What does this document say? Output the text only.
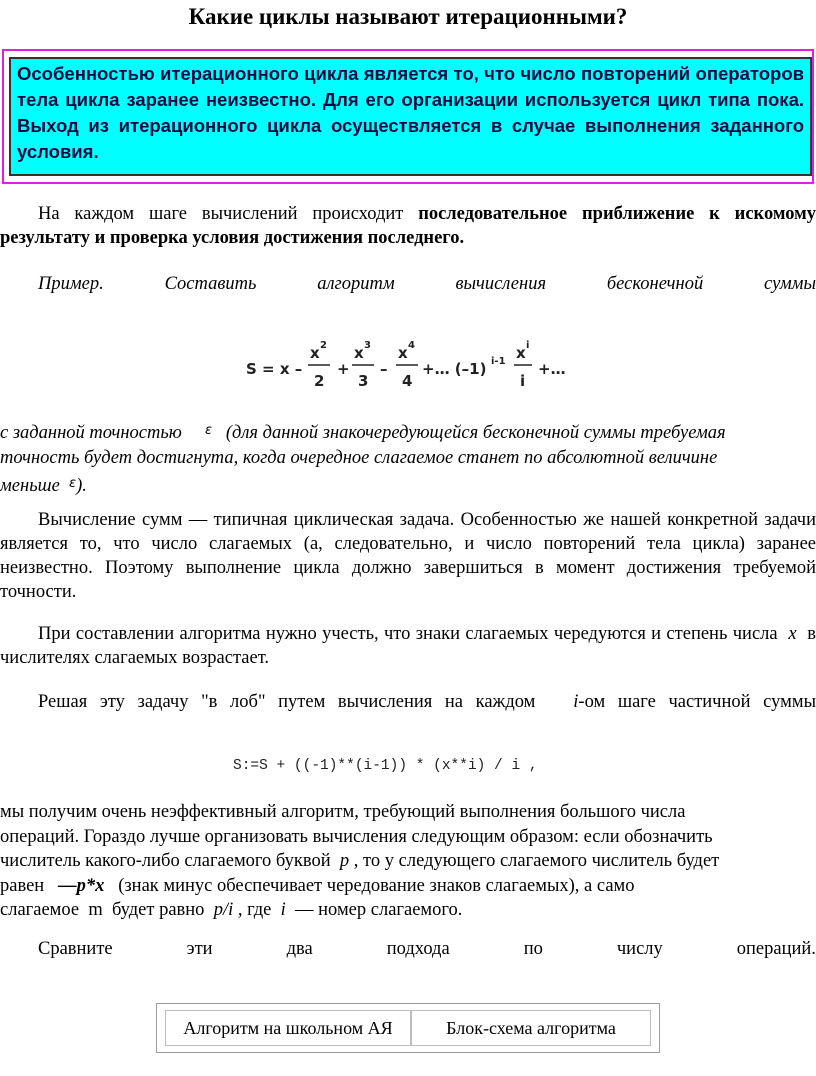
Какие циклы называют итерационными?
Особенностью итерационного цикла является то, что число повторений операторов тела цикла заранее неизвестно. Для его организации используется цикл типа пока. Выход из итерационного цикла осуществляется в случае выполнения заданного условия.
На каждом шаге вычислений происходит последовательное приближение к искомому результату и проверка условия достижения последнего.
Пример.	Составить	алгоритм	вычисления	бесконечной	суммы
S = x –
x 2
2
+
x 3
3
–
x 4
4
+… (–1) i-1 x i
i
+…
с заданной точностью $^\varepsilon$ (для данной знакочередующейся бесконечной суммы требуемая точность будет достигнута, когда очередное слагаемое станет по абсолютной величине меньше $^\varepsilon$).
Вычисление сумм — типичная циклическая задача. Особенностью же нашей конкретной задачи является то, что число слагаемых (а, следовательно, и число повторений тела цикла) заранее неизвестно. Поэтому выполнение цикла должно завершиться в момент достижения требуемой точности.
При составлении алгоритма нужно учесть, что знаки слагаемых чередуются и степень числа x в числителях слагаемых возрастает.
Решая эту задачу "в лоб" путем вычисления на каждом i-ом шаге частичной суммы
S:=S + ((-1)**(i-1)) * (x**i) / i ,
мы получим очень неэффективный алгоритм, требующий выполнения большого числа
операций. Гораздо лучше организовать вычисления следующим образом: если обозначить
числитель какого-либо слагаемого буквой p , то у следующего слагаемого числитель будет
равен —p*x (знак минус обеспечивает чередование знаков слагаемых), а само
слагаемое m будет равно p/i , где i — номер слагаемого.
Сравните	эти	два	подхода	по	числу	операций.
Алгоритм на школьном АЯ	Блок-схема алгоритма
